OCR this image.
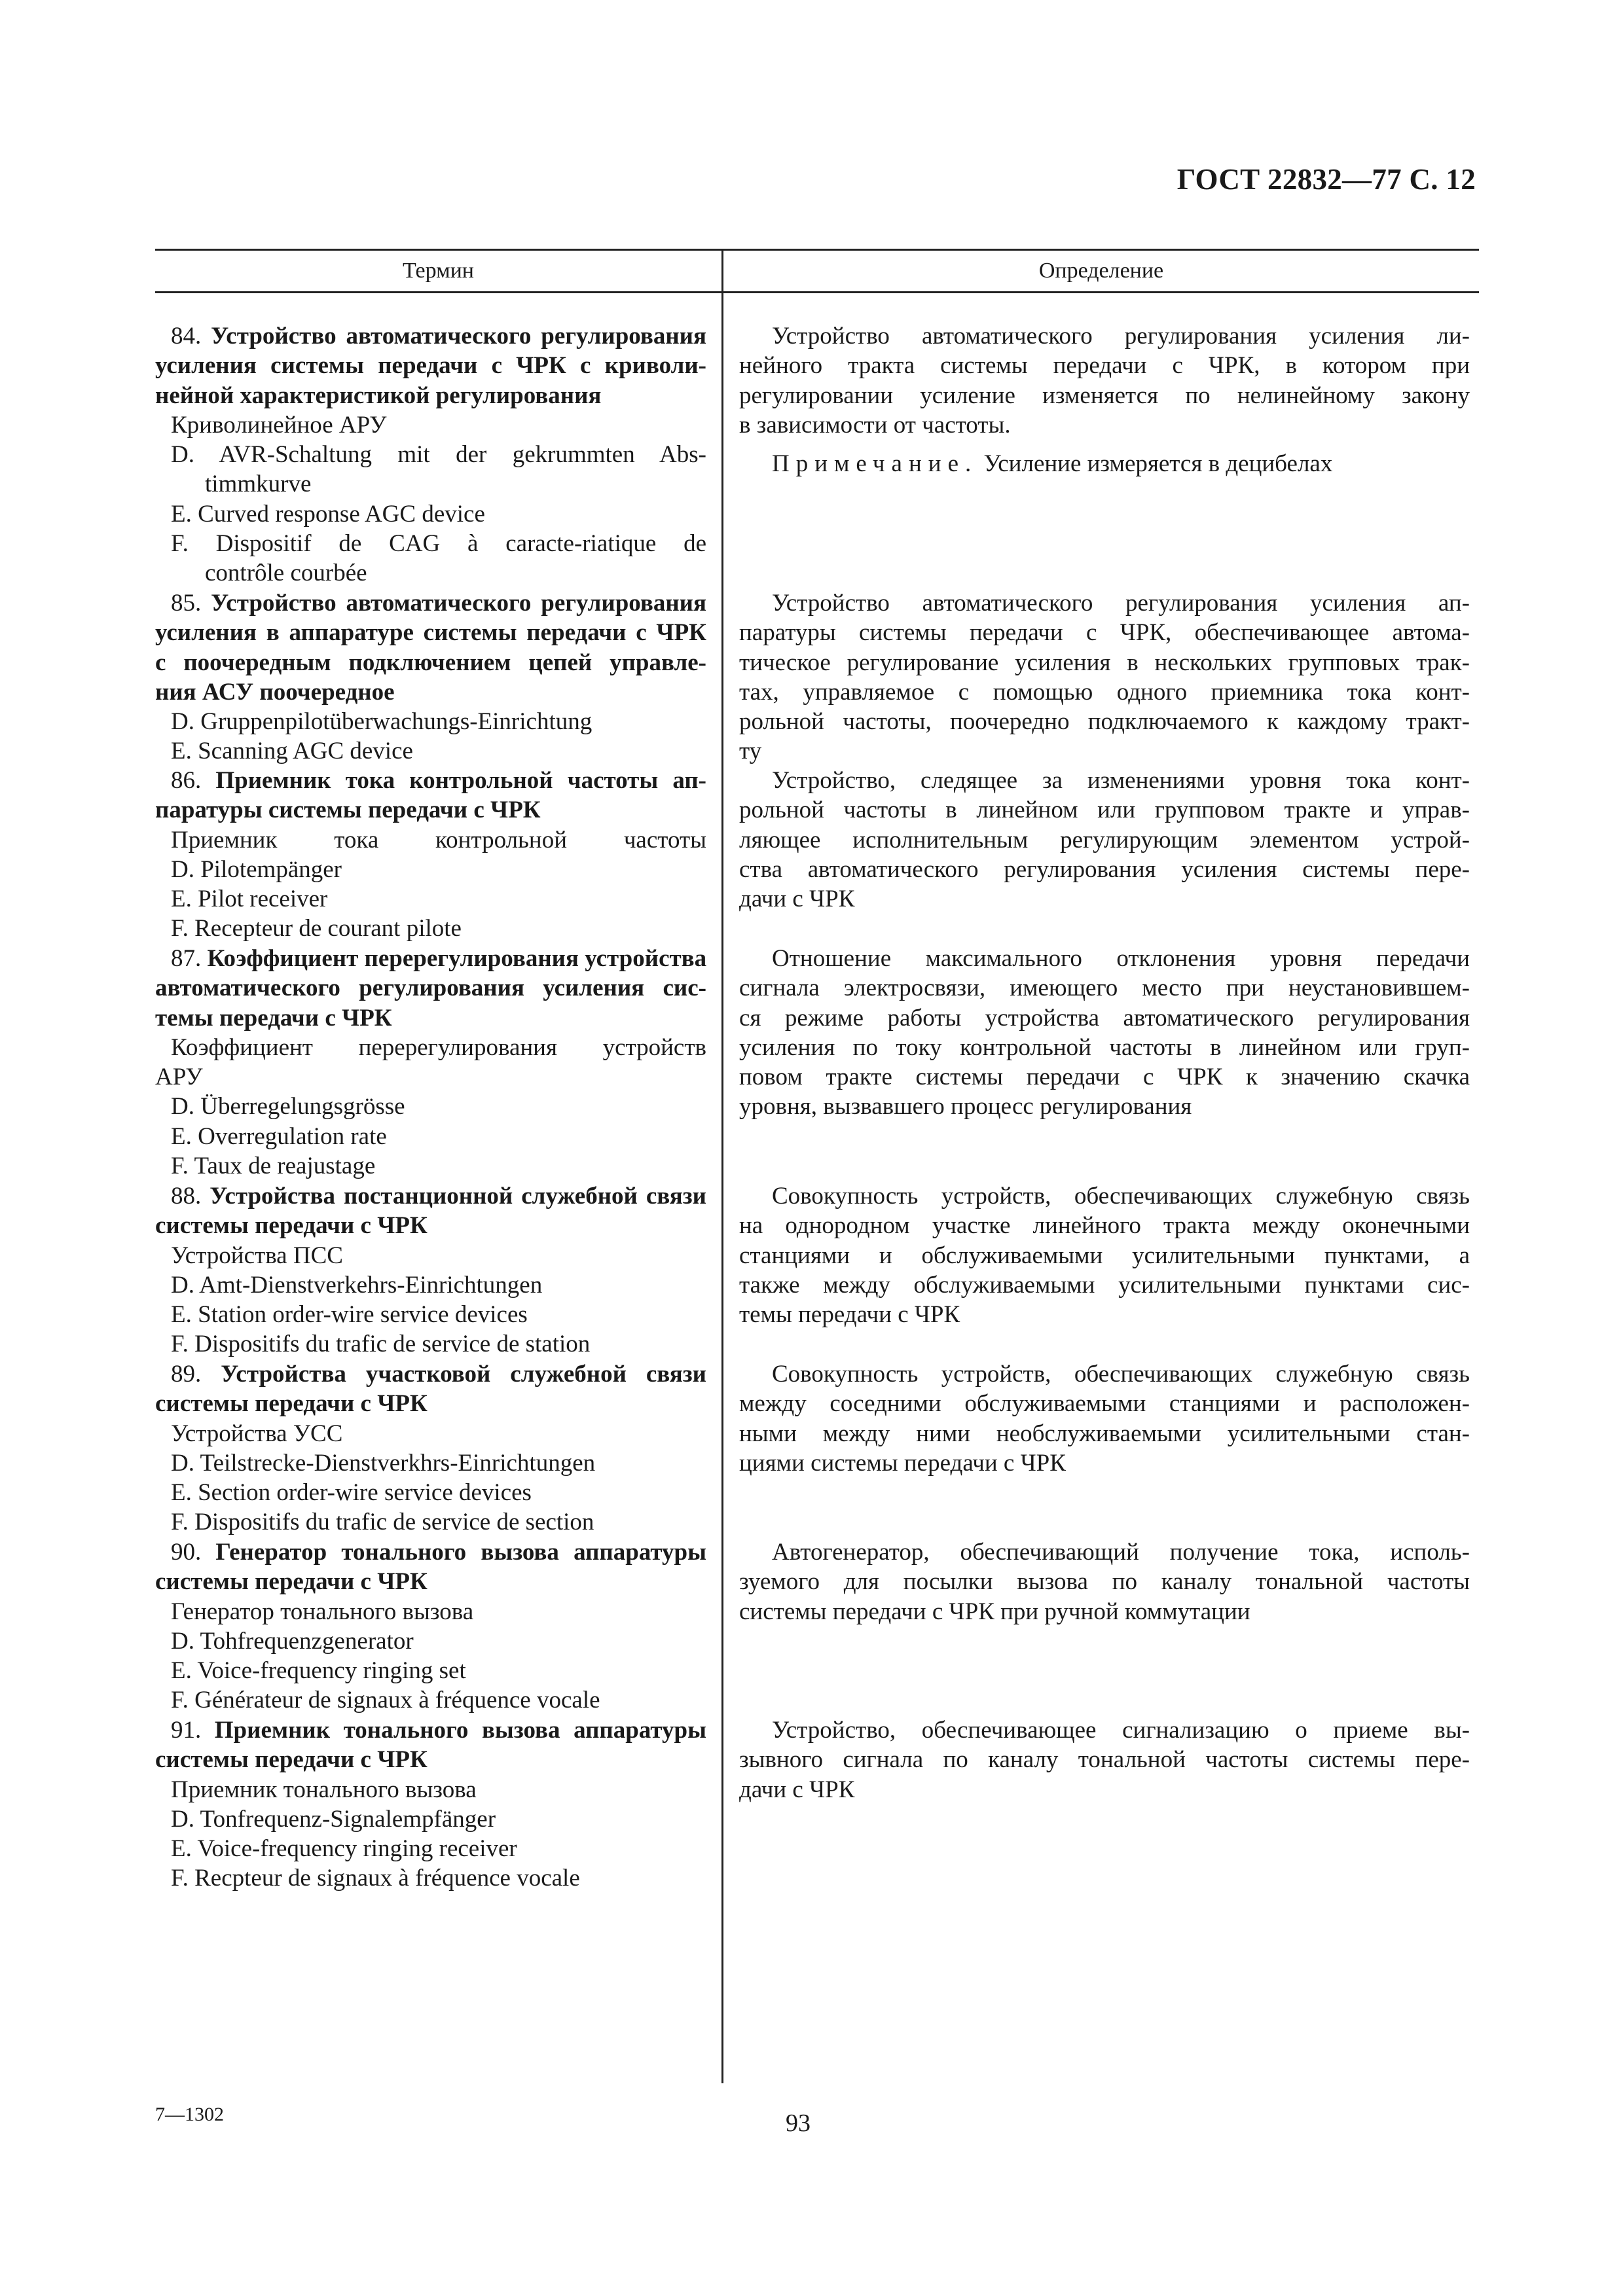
ГОСТ 22832—77 С. 12
Термин	Определение
84. Устройство автоматического регулирования
усиления системы передачи с ЧРК с криволи-
нейной характеристикой регулирования
Криволинейное АРУ
D. AVR-Schaltung mit der gekrummten Abs-
timmkurve
E. Curved response AGC device
F. Dispositif de CAG à caracte-riatique de
contrôle courbée
Устройство автоматического регулирования усиления ли-
нейного тракта системы передачи с ЧРК, в котором при
регулировании усиление изменяется по нелинейному закону
в зависимости от частоты.
Примечание. Усиление измеряется в децибелах
85. Устройство автоматического регулирования
усиления в аппаратуре системы передачи с ЧРК
с поочередным подключением цепей управле-
ния АСУ поочередное
D. Gruppenpilotüberwachungs-Einrichtung
E. Scanning AGC device
Устройство автоматического регулирования усиления ап-
паратуры системы передачи с ЧРК, обеспечивающее автома-
тическое регулирование усиления в нескольких групповых трак-
тах, управляемое с помощью одного приемника тока конт-
рольной частоты, поочередно подключаемого к каждому тракт-
ту
86. Приемник тока контрольной частоты ап-
паратуры системы передачи с ЧРК
Приемник тока контрольной частоты
D. Pilotempänger
E. Pilot receiver
F. Recepteur de courant pilote
Устройство, следящее за изменениями уровня тока конт-
рольной частоты в линейном или групповом тракте и управ-
ляющее исполнительным регулирующим элементом устрой-
ства автоматического регулирования усиления системы пере-
дачи с ЧРК
87. Коэффициент перерегулирования устройства
автоматического регулирования усиления сис-
темы передачи с ЧРК
Коэффициент перерегулирования устройств
АРУ
D. Überregelungsgrösse
E. Overregulation rate
F. Taux de reajustage
Отношение максимального отклонения уровня передачи
сигнала электросвязи, имеющего место при неустановившем-
ся режиме работы устройства автоматического регулирования
усиления по току контрольной частоты в линейном или груп-
повом тракте системы передачи с ЧРК к значению скачка
уровня, вызвавшего процесс регулирования
88. Устройства постанционной служебной связи
системы передачи с ЧРК
Устройства ПСС
D. Amt-Dienstverkehrs-Einrichtungen
E. Station order-wire service devices
F. Dispositifs du trafic de service de station
Совокупность устройств, обеспечивающих служебную связь
на однородном участке линейного тракта между оконечными
станциями и обслуживаемыми усилительными пунктами, а
также между обслуживаемыми усилительными пунктами сис-
темы передачи с ЧРК
89. Устройства участковой служебной связи
системы передачи с ЧРК
Устройства УСС
D. Teilstrecke-Dienstverkhrs-Einrichtungen
E. Section order-wire service devices
F. Dispositifs du trafic de service de section
Совокупность устройств, обеспечивающих служебную связь
между соседними обслуживаемыми станциями и расположен-
ными между ними необслуживаемыми усилительными стан-
циями системы передачи с ЧРК
90. Генератор тонального вызова аппаратуры
системы передачи с ЧРК
Генератор тонального вызова
D. Tohfrequenzgenerator
E. Voice-frequency ringing set
F. Générateur de signaux à fréquence vocale
Автогенератор, обеспечивающий получение тока, исполь-
зуемого для посылки вызова по каналу тональной частоты
системы передачи с ЧРК при ручной коммутации
91. Приемник тонального вызова аппаратуры
системы передачи с ЧРК
Приемник тонального вызова
D. Tonfrequenz-Signalempfänger
E. Voice-frequency ringing receiver
F. Recpteur de signaux à fréquence vocale
Устройство, обеспечивающее сигнализацию о приеме вы-
зывного сигнала по каналу тональной частоты системы пере-
дачи с ЧРК
7—1302	93
